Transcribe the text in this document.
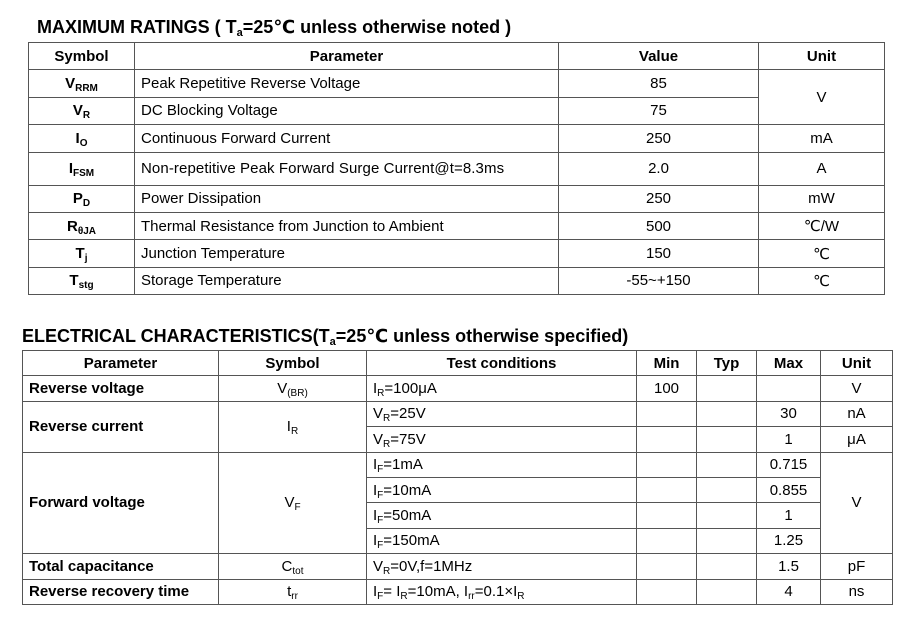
MAXIMUM RATINGS ( $T_a=25℃$ unless otherwise noted )
Symbol	Parameter	Value	Unit
$V_{RRM}$	Peak Repetitive Reverse Voltage	85	V
$V_R$	DC Blocking Voltage	75	
$I_O$	Continuous Forward Current	250	mA
$I_{FSM}$	Non-repetitive Peak Forward Surge Current@t=8.3ms	2.0	A
$P_D$	Power Dissipation	250	mW
$R_{\theta JA}$	Thermal Resistance from Junction to Ambient	500	℃/W
$T_j$	Junction Temperature	150	℃
$T_{stg}$	Storage Temperature	-55~+150	℃
ELECTRICAL $CHARACTERISTICS(T_a=25℃$ unless otherwise specified)
Parameter	Symbol	Test conditions	Min	Typ	Max	Unit
Reverse voltage	$V_{(BR)}$	$I_R=100\mu A$	100			V
Reverse current	$I_R$	$V_R=25V$			30	nA
		$V_R=75V$			1	μA
Forward voltage	$V_F$	$I_F=1mA$			0.715	V
		$I_F=10mA$			0.855	
		$I_F=50mA$			1	
		$I_F=150mA$			1.25	
Total capacitance	$C_{tot}$	$V_R=0V,f=1MHz$			1.5	pF
Reverse recovery time	$t_{rr}$	$I_F= I_R=10mA$, $I_{rr}=0.1\times I_R$			4	ns
